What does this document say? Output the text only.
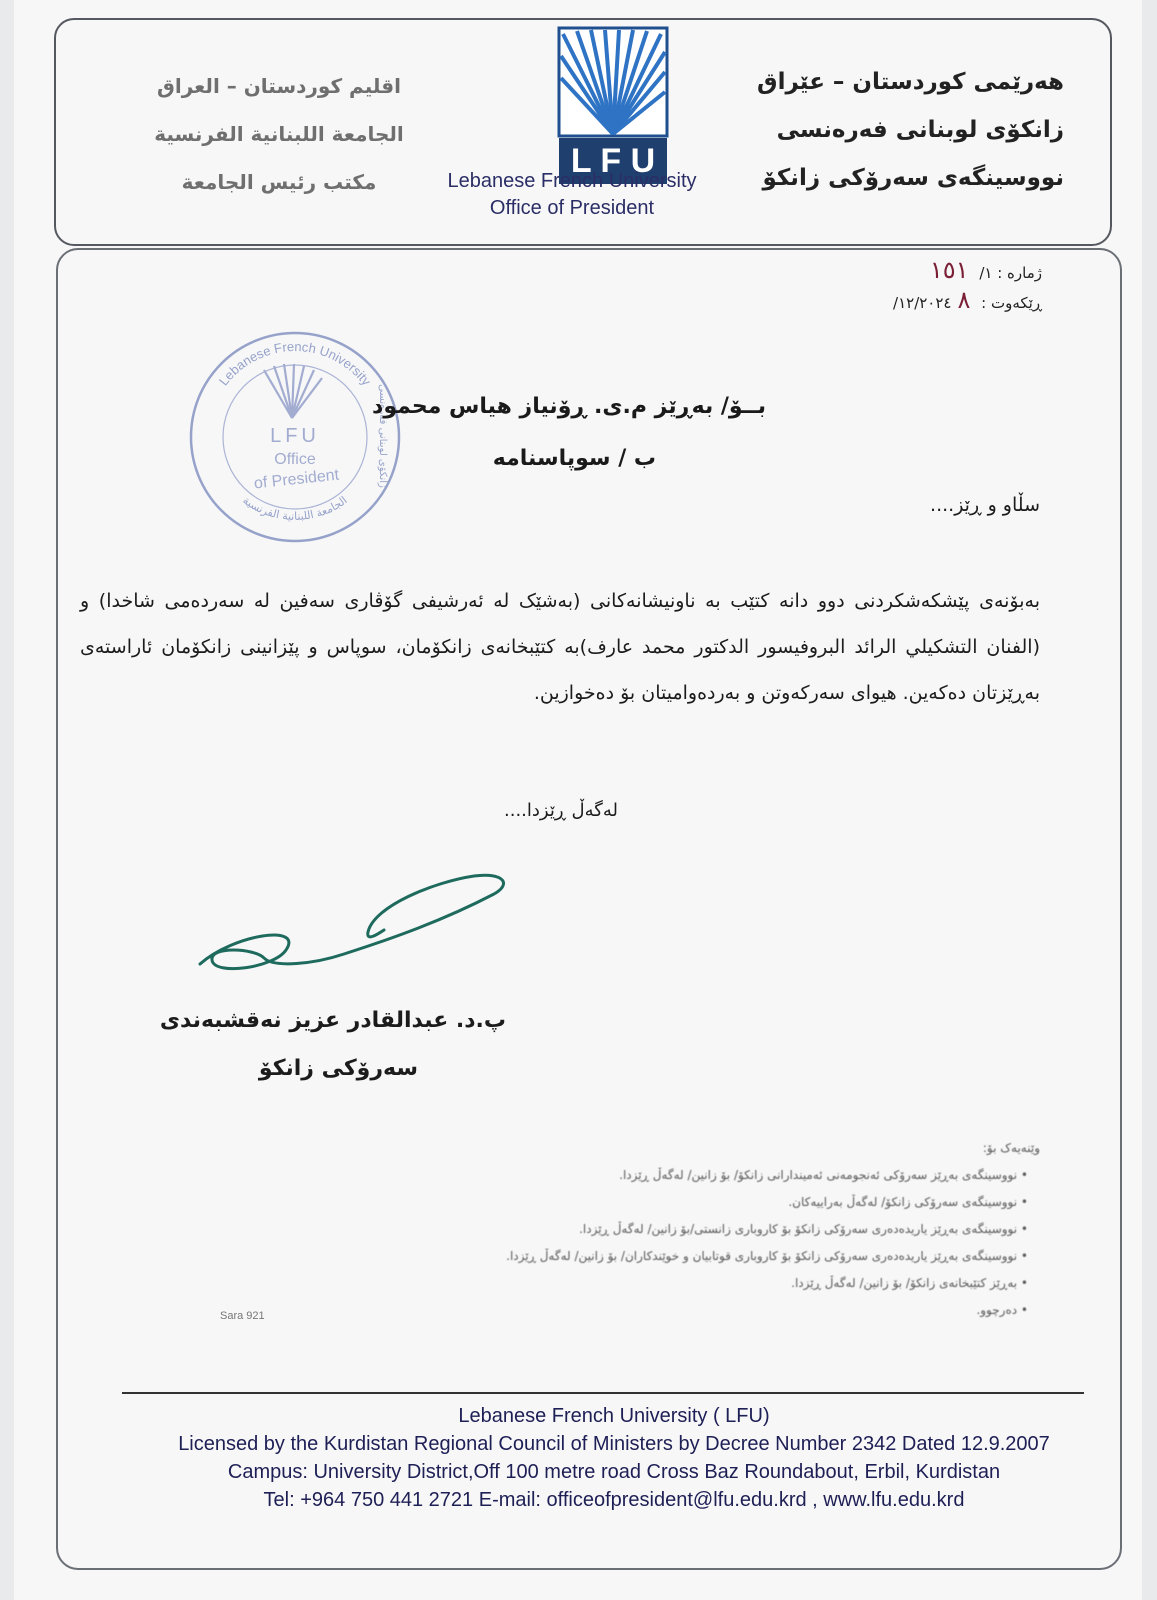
هەرێمی کوردستان – عێراق
زانکۆی لوبنانی فەرەنسی
نووسینگەی سەرۆکی زانکۆ
L F U
اقليم كوردستان – العراق
الجامعة اللبنانية الفرنسية
مكتب رئيس الجامعة	Lebanese French University
Office of President
ژمارە : ١/ ١٥١
ڕێکەوت : /١٢/٢٠٢٤ ٨
Lebanese French University
الجامعة اللبنانية الفرنسية
LFU
Office
of President	زانکۆی لوبنانی فەرەنسی
بــۆ/ بەڕێز م.ی. ڕۆنیاز هیاس محمود
ب / سوپاسنامە
سڵاو و ڕێز....
بەبۆنەی پێشکەشکردنی دوو دانە کتێب بە ناونیشانەکانی (بەشێک لە ئەرشیفی گۆڤاری سەفین لە سەردەمی شاخدا) و (الفنان التشكيلي الرائد البروفيسور الدكتور محمد عارف)بە کتێبخانەی زانکۆمان، سوپاس و پێزانینی زانکۆمان ئاراستەی بەڕێزتان دەکەین. هیوای سەرکەوتن و بەردەوامیتان بۆ دەخوازین.
لەگەڵ ڕێزدا....
پ.د. عبدالقادر عزیز نەقشبەندی
سەرۆکی زانکۆ
وێنەیەک بۆ:
• نووسینگەی بەڕێز سەرۆکی ئەنجومەنی ئەمیندارانی زانکۆ/ بۆ زانین/ لەگەڵ ڕێزدا.
• نووسینگەی سەرۆکی زانکۆ/ لەگەڵ بەراییەکان.
• نووسینگەی بەڕێز یاریدەدەری سەرۆکی زانکۆ بۆ کاروباری زانستی/بۆ زانین/ لەگەڵ ڕێزدا.
• نووسینگەی بەڕێز یاریدەدەری سەرۆکی زانکۆ بۆ کاروباری قوتابیان و خوێندکاران/ بۆ زانین/ لەگەڵ ڕێزدا.
• بەڕێز کتێبخانەی زانکۆ/ بۆ زانین/ لەگەڵ ڕێزدا.
• دەرچوو.
Sara 921
Lebanese French University ( LFU)
Licensed by the Kurdistan Regional Council of Ministers by Decree Number 2342 Dated 12.9.2007
Campus: University District,Off 100 metre road Cross Baz Roundabout, Erbil, Kurdistan
Tel: +964 750 441 2721 E-mail: officeofpresident@lfu.edu.krd , www.lfu.edu.krd
